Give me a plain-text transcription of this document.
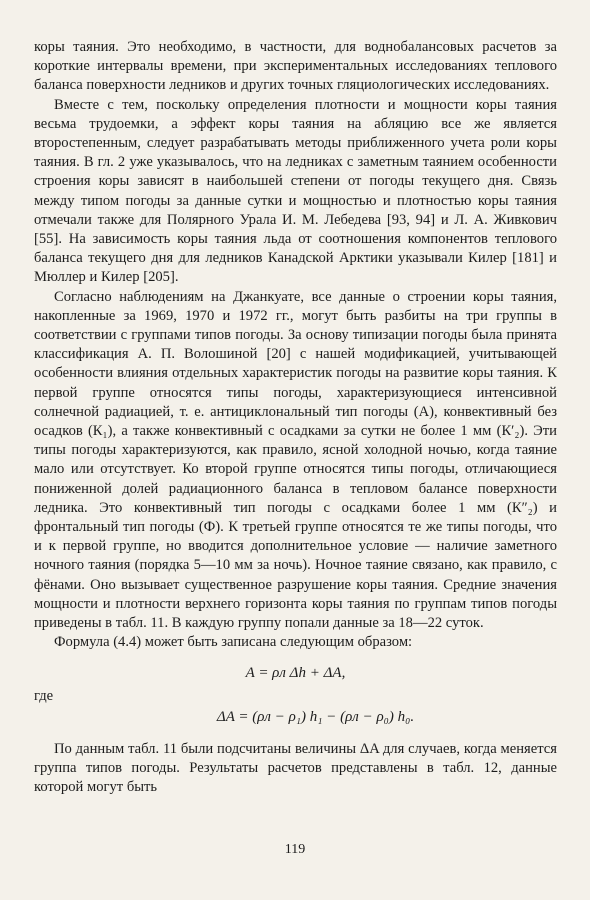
коры таяния. Это необходимо, в частности, для воднобалансовых расчетов за короткие интервалы времени, при экспериментальных исследованиях теплового баланса поверхности ледников и других точных гляциологических исследованиях.

Вместе с тем, поскольку определения плотности и мощности коры таяния весьма трудоемки, а эффект коры таяния на абляцию все же является второстепенным, следует разрабатывать методы приближенного учета роли коры таяния. В гл. 2 уже указывалось, что на ледниках с заметным таянием особенности строения коры зависят в наибольшей степени от погоды текущего дня. Связь между типом погоды за данные сутки и мощностью и плотностью коры таяния отмечали также для Полярного Урала И. М. Лебедева [93, 94] и Л. А. Живкович [55]. На зависимость коры таяния льда от соотношения компонентов теплового баланса текущего дня для ледников Канадской Арктики указывали Килер [181] и Мюллер и Килер [205].

Согласно наблюдениям на Джанкуате, все данные о строении коры таяния, накопленные за 1969, 1970 и 1972 гг., могут быть разбиты на три группы в соответствии с группами типов погоды. За основу типизации погоды была принята классификация А. П. Волошиной [20] с нашей модификацией, учитывающей особенности влияния отдельных характеристик погоды на развитие коры таяния. К первой группе относятся типы погоды, характеризующиеся интенсивной солнечной радиацией, т. е. антициклональный тип погоды (А), конвективный без осадков (К₁), а также конвективный с осадками за сутки не более 1 мм (К′₂). Эти типы погоды характеризуются, как правило, ясной холодной ночью, когда таяние мало или отсутствует. Ко второй группе относятся типы погоды, отличающиеся пониженной долей радиационного баланса в тепловом балансе поверхности ледника. Это конвективный тип погоды с осадками более 1 мм (К″₂) и фронтальный тип погоды (Ф). К третьей группе относятся те же типы погоды, что и к первой группе, но вводится дополнительное условие — наличие заметного ночного таяния (порядка 5—10 мм за ночь). Ночное таяние связано, как правило, с фёнами. Оно вызывает существенное разрушение коры таяния. Средние значения мощности и плотности верхнего горизонта коры таяния по группам типов погоды приведены в табл. 11. В каждую группу попали данные за 18—22 суток.

Формула (4.4) может быть записана следующим образом:

A = ρл Δh + ΔA,

где

ΔA = (ρл − ρ₁) h₁ − (ρл − ρ₀) h₀.

По данным табл. 11 были подсчитаны величины ΔA для случаев, когда меняется группа типов погоды. Результаты расчетов представлены в табл. 12, данные которой могут быть

119
